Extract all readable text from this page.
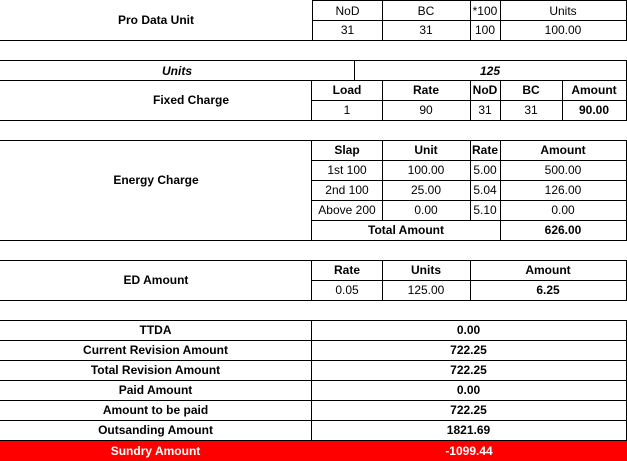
Pro Data Unit
NoD	BC	*100	Units
31	31	100	100.00
Units	125
Fixed Charge
Load	Rate	NoD	BC	Amount
1	90	31	31	90.00
Energy Charge
Slap	Unit	Rate	Amount
1st 100	100.00	5.00	500.00
2nd 100	25.00	5.04	126.00
Above 200	0.00	5.10	0.00
Total Amount	626.00
ED Amount
Rate	Units	Amount
0.05	125.00	6.25
TTDA	0.00
Current Revision Amount	722.25
Total Revision Amount	722.25
Paid Amount	0.00
Amount to be paid	722.25
Outsanding Amount	1821.69
Sundry Amount	-1099.44
